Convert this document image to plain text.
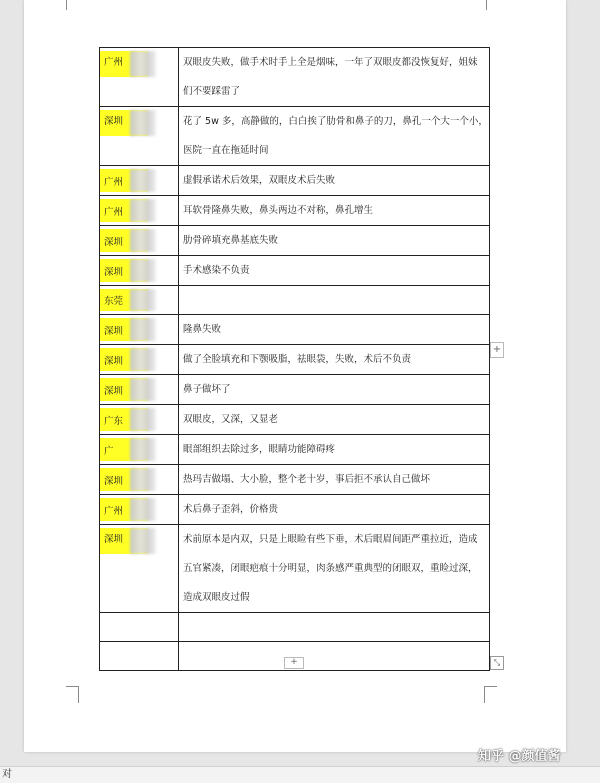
广州	双眼皮失败，做手术时手上全是烟味，一年了双眼皮都没恢复好，姐妹
们不要踩雷了

深圳	花了 5w 多，高静做的，白白挨了肋骨和鼻子的刀，鼻孔一个大一个小，
医院一直在拖延时间

广州	虚假承诺术后效果，双眼皮术后失败

广州	耳软骨隆鼻失败，鼻头两边不对称，鼻孔增生

深圳	肋骨碎填充鼻基底失败

深圳	手术感染不负责

东莞

深圳	隆鼻失败

深圳	做了全脸填充和下颚吸脂，祛眼袋，失败，术后不负责

深圳	鼻子做坏了

广东	双眼皮，又深，又显老

广	眼部组织去除过多，眼睛功能障碍疼

深圳	热玛吉做塌、大小脸，整个老十岁，事后拒不承认自己做坏

广州	术后鼻子歪斜，价格贵

深圳	术前原本是内双，只是上眼睑有些下垂，术后眼眉间距严重拉近，造成
五官紧凑，闭眼疤痕十分明显，肉条感严重典型的闭眼双，重睑过深，
造成双眼皮过假

+
+	⤡
知乎 @颜值酱
对
